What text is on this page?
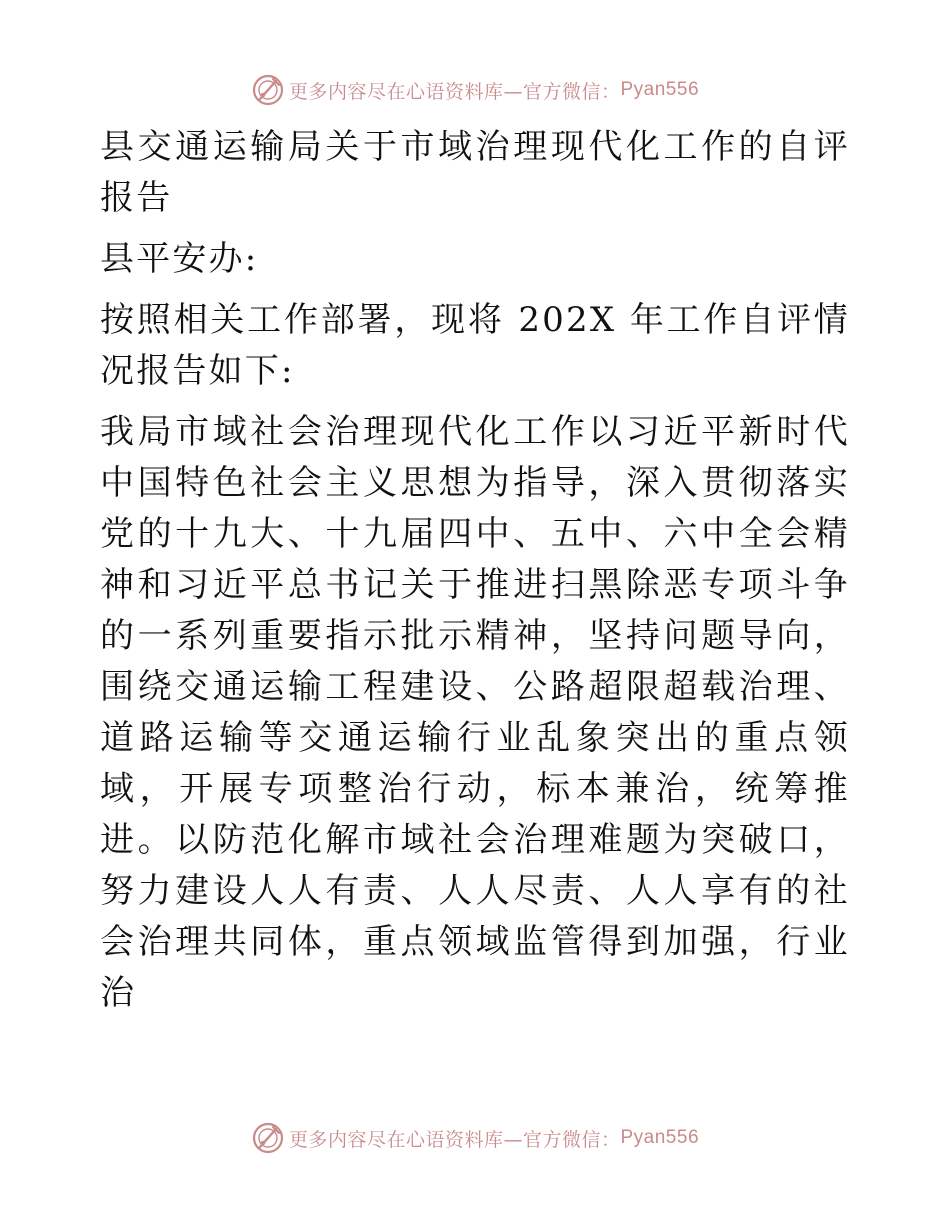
更多内容尽在心语资料库—官方微信： Pyan556

县交通运输局关于市域治理现代化工作的自评报告

县平安办:

按照相关工作部署，现将 202X 年工作自评情况报告如下:

我局市域社会治理现代化工作以习近平新时代中国特色社会主义思想为指导，深入贯彻落实党的十九大、十九届四中、五中、六中全会精神和习近平总书记关于推进扫黑除恶专项斗争的一系列重要指示批示精神，坚持问题导向，围绕交通运输工程建设、公路超限超载治理、道路运输等交通运输行业乱象突出的重点领域，开展专项整治行动，标本兼治，统筹推进。以防范化解市域社会治理难题为突破口，努力建设人人有责、人人尽责、人人享有的社会治理共同体，重点领域监管得到加强，行业治

更多内容尽在心语资料库—官方微信： Pyan556
